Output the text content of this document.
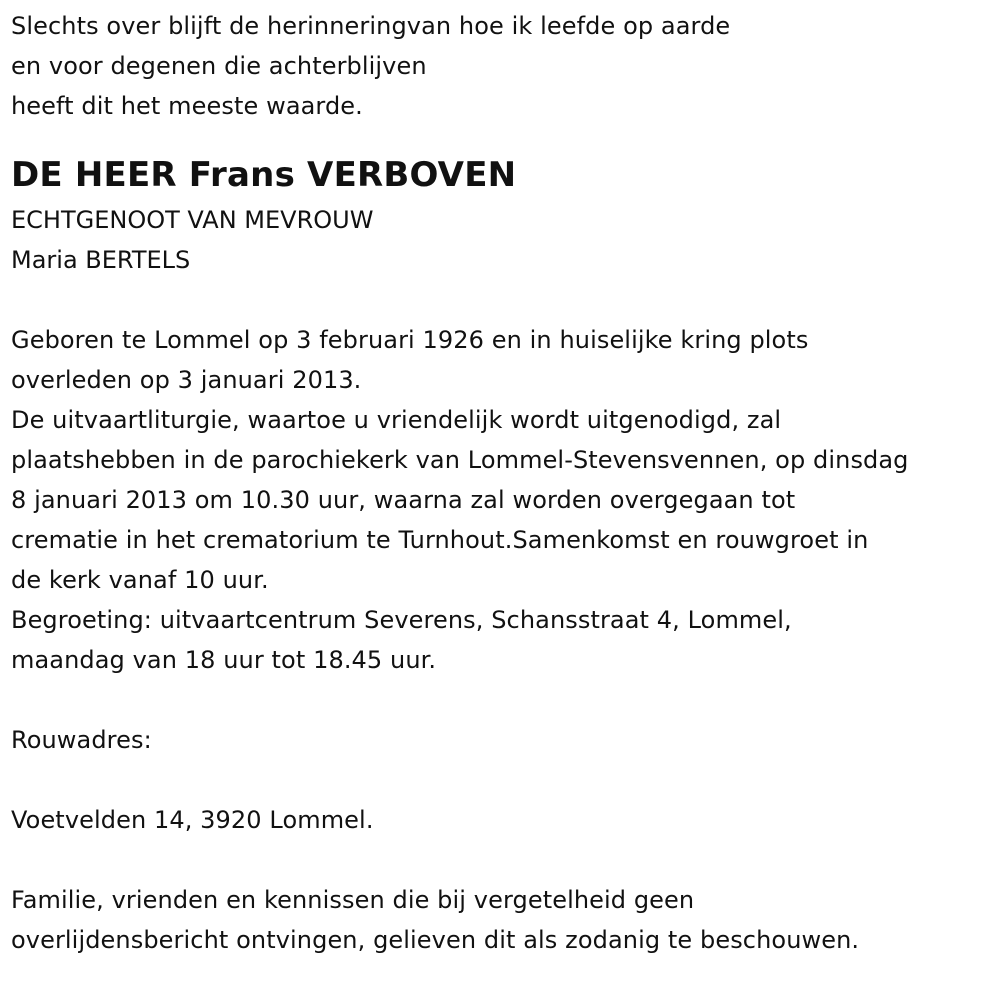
Slechts over blijft de herinneringvan hoe ik leefde op aarde
en voor degenen die achterblijven
heeft dit het meeste waarde.
DE HEER Frans VERBOVEN
ECHTGENOOT VAN MEVROUW
Maria BERTELS
Geboren te Lommel op 3 februari 1926 en in huiselijke kring plots
overleden op 3 januari 2013.
De uitvaartliturgie, waartoe u vriendelijk wordt uitgenodigd, zal
plaatshebben in de parochiekerk van Lommel-Stevensvennen, op dinsdag
8 januari 2013 om 10.30 uur, waarna zal worden overgegaan tot
crematie in het crematorium te Turnhout.Samenkomst en rouwgroet in
de kerk vanaf 10 uur.
Begroeting: uitvaartcentrum Severens, Schansstraat 4, Lommel,
maandag van 18 uur tot 18.45 uur.
Rouwadres:
Voetvelden 14, 3920 Lommel.
Familie, vrienden en kennissen die bij vergetelheid geen
overlijdensbericht ontvingen, gelieven dit als zodanig te beschouwen.
